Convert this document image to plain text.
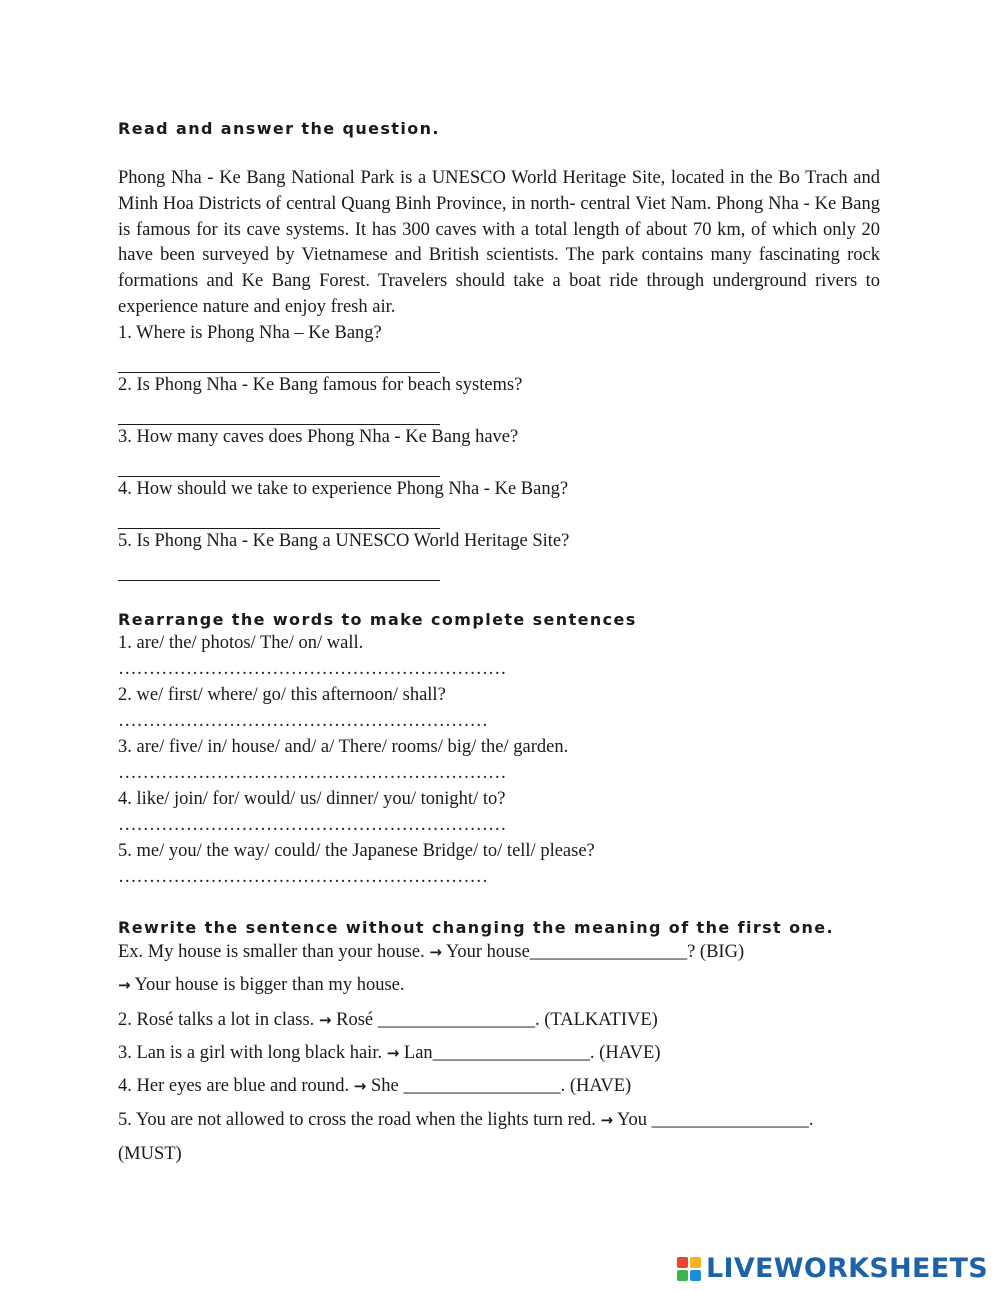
Read and answer the question.
Phong Nha - Ke Bang National Park is a UNESCO World Heritage Site, located in the Bo Trach and Minh Hoa Districts of central Quang Binh Province, in north- central Viet Nam. Phong Nha - Ke Bang is famous for its cave systems. It has 300 caves with a total length of about 70 km, of which only 20 have been surveyed by Vietnamese and British scientists. The park contains many fascinating rock formations and Ke Bang Forest. Travelers should take a boat ride through underground rivers to experience nature and enjoy fresh air.
1. Where is Phong Nha – Ke Bang?
2. Is Phong Nha - Ke Bang famous for beach systems?
3. How many caves does Phong Nha - Ke Bang have?
4. How should we take to experience Phong Nha - Ke Bang?
5. Is Phong Nha - Ke Bang a UNESCO World Heritage Site?
Rearrange the words to make complete sentences
1. are/ the/ photos/ The/ on/ wall.
………………………………………………………
2. we/ first/ where/ go/ this afternoon/ shall?
……………………………………………………
3. are/ five/ in/ house/ and/ a/ There/ rooms/ big/ the/ garden.
………………………………………………………
4. like/ join/ for/ would/ us/ dinner/ you/ tonight/ to?
………………………………………………………
5. me/ you/ the way/ could/ the Japanese Bridge/ to/ tell/ please?
……………………………………………………
Rewrite the sentence without changing the meaning of the first one.
Ex. My house is smaller than your house. → Your house_________________? (BIG)
→ Your house is bigger than my house.
2. Rosé talks a lot in class. → Rosé _________________. (TALKATIVE)
3. Lan is a girl with long black hair. → Lan_________________. (HAVE)
4. Her eyes are blue and round. → She _________________. (HAVE)
5. You are not allowed to cross the road when the lights turn red. → You _________________.
(MUST)
LIVEWORKSHEETS
